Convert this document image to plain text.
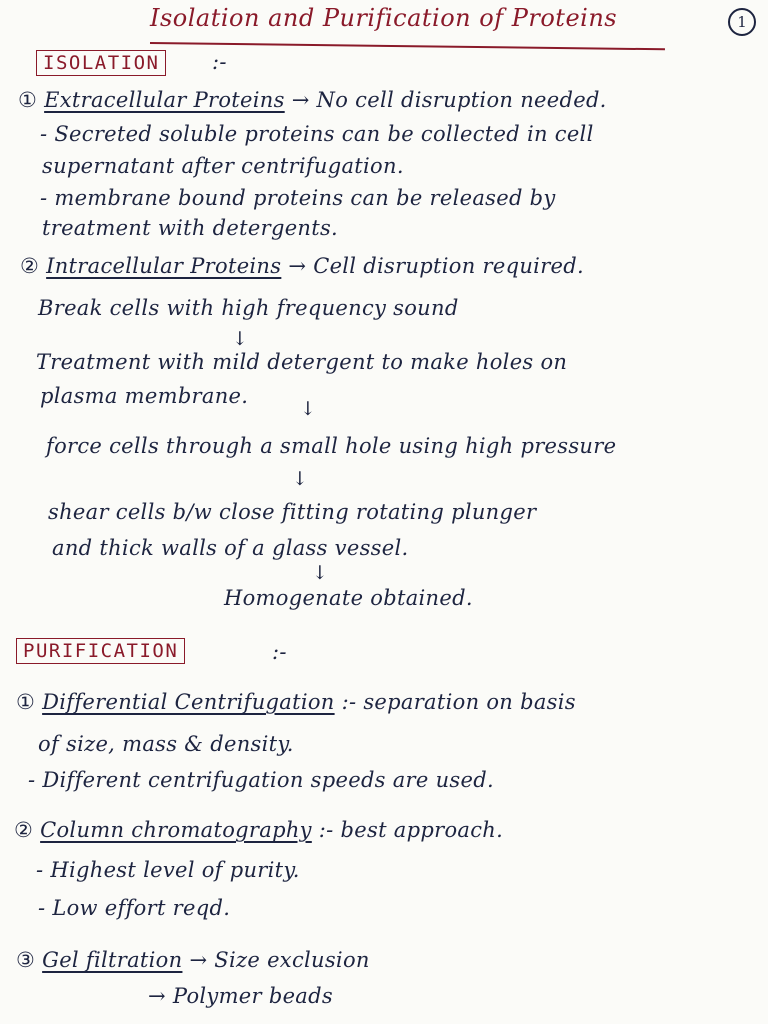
Isolation and Purification of Proteins	1
ISOLATION	:-
① Extracellular Proteins → No cell disruption needed.
- Secreted soluble proteins can be collected in cell
supernatant after centrifugation.
- membrane bound proteins can be released by
treatment with detergents.
② Intracellular Proteins → Cell disruption required.
Break cells with high frequency sound
↓
Treatment with mild detergent to make holes on
plasma membrane.
↓
force cells through a small hole using high pressure
↓
shear cells b/w close fitting rotating plunger
and thick walls of a glass vessel.
↓
Homogenate obtained.
PURIFICATION	:-
① Differential Centrifugation :- separation on basis
of size, mass & density.
- Different centrifugation speeds are used.
② Column chromatography :- best approach.
- Highest level of purity.
- Low effort reqd.
③ Gel filtration → Size exclusion
→ Polymer beads
